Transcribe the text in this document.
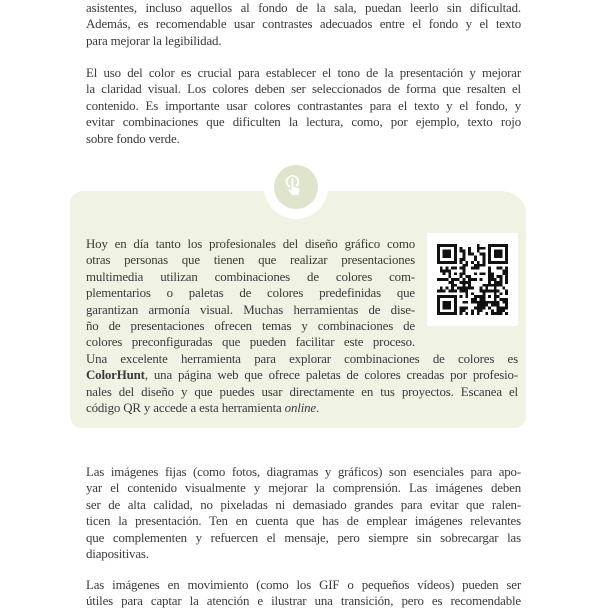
asistentes, incluso aquellos al fondo de la sala, puedan leerlo sin dificultad.
Además, es recomendable usar contrastes adecuados entre el fondo y el texto
para mejorar la legibilidad.
El uso del color es crucial para establecer el tono de la presentación y mejorar
la claridad visual. Los colores deben ser seleccionados de forma que resalten el
contenido. Es importante usar colores contrastantes para el texto y el fondo, y
evitar combinaciones que dificulten la lectura, como, por ejemplo, texto rojo
sobre fondo verde.
Hoy en día tanto los profesionales del diseño gráfico como
otras personas que tienen que realizar presentaciones
multimedia utilizan combinaciones de colores com-
plementarios o paletas de colores predefinidas que
garantizan armonía visual. Muchas herramientas de dise-
ño de presentaciones ofrecen temas y combinaciones de
colores preconfiguradas que pueden facilitar este proceso.
Una excelente herramienta para explorar combinaciones de colores es
ColorHunt, una página web que ofrece paletas de colores creadas por profesio-
nales del diseño y que puedes usar directamente en tus proyectos. Escanea el
código QR y accede a esta herramienta online.
Las imágenes fijas (como fotos, diagramas y gráficos) son esenciales para apo-
yar el contenido visualmente y mejorar la comprensión. Las imágenes deben
ser de alta calidad, no pixeladas ni demasiado grandes para evitar que ralen-
ticen la presentación. Ten en cuenta que has de emplear imágenes relevantes
que complementen y refuercen el mensaje, pero siempre sin sobrecargar las
diapositivas.
Las imágenes en movimiento (como los GIF o pequeños vídeos) pueden ser
útiles para captar la atención e ilustrar una transición, pero es recomendable
